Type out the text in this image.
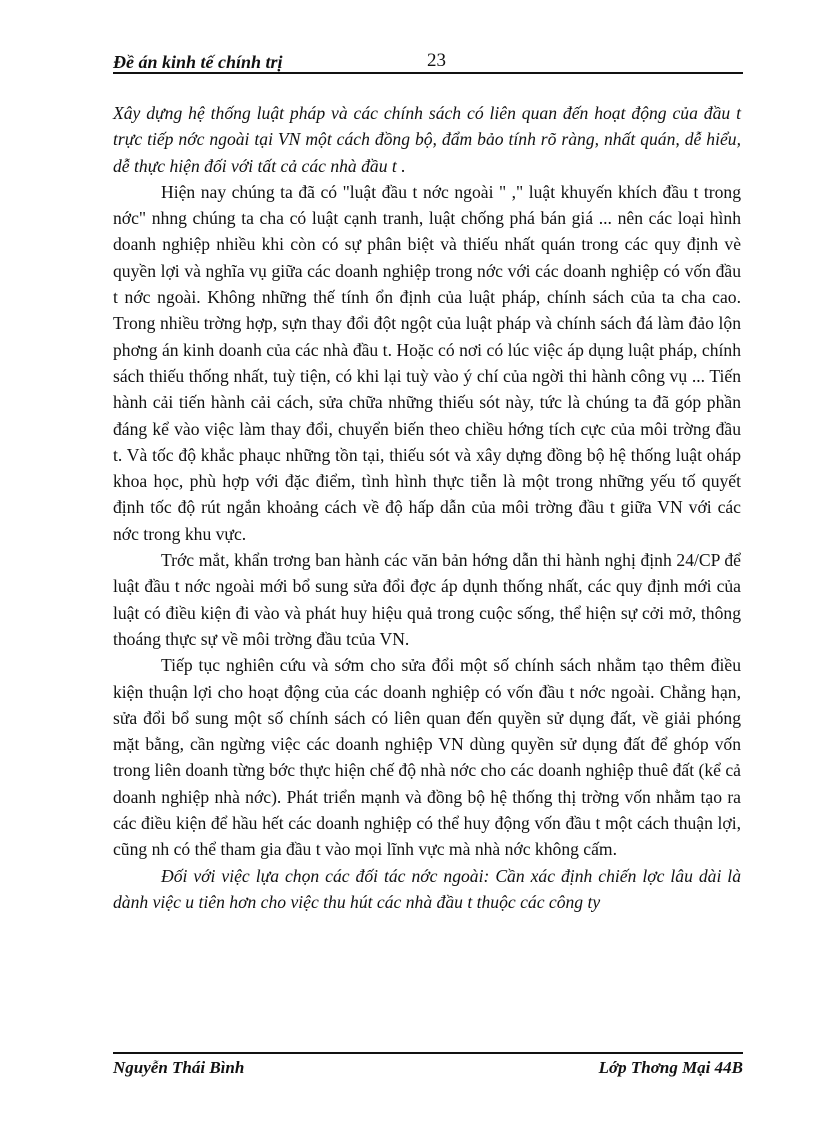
Đề án kinh tế chính trị	23

Xây dựng hệ thống luật pháp và các chính sách có liên quan đến hoạt động của đầu t trực tiếp nớc ngoài tại VN một cách đồng bộ, đẩm bảo tính rõ ràng, nhất quán, dễ hiểu, dễ thực hiện đối với tất cả các nhà đầu t .

Hiện nay chúng ta đã có "luật đầu t nớc ngoài " ," luật khuyến khích đầu t trong nớc" nhng chúng ta cha có luật cạnh tranh, luật chống phá bán giá ... nên các loại hình doanh nghiệp nhiều khi còn có sự phân biệt và thiếu nhất quán trong các quy định vè quyền lợi và nghĩa vụ giữa các doanh nghiệp trong nớc với các doanh nghiệp có vốn đầu t nớc ngoài. Không những thế tính ổn định của luật pháp, chính sách của ta cha cao. Trong nhiều trờng hợp, sựn thay đổi đột ngột của luật pháp và chính sách đá làm đảo lộn phơng án kinh doanh của các nhà đầu t. Hoặc có nơi có lúc việc áp dụng luật pháp, chính sách thiếu thống nhất, tuỳ tiện, có khi lại tuỳ vào ý chí của ngời thi hành công vụ ... Tiến hành cải tiến hành cải cách, sửa chữa những thiếu sót này, tức là chúng ta đã góp phần đáng kể vào việc làm thay đổi, chuyển biến theo chiều hớng tích cực của môi trờng đầu t. Và tốc độ khắc phaục những tồn tại, thiếu sót và xây dựng đồng bộ hệ thống luật oháp khoa học, phù hợp với đặc điểm, tình hình thực tiễn là một trong những yếu tố quyết định tốc độ rút ngắn khoảng cách về độ hấp dẫn của môi trờng đầu t giữa VN với các nớc trong khu vực.

Trớc mắt, khẩn trơng ban hành các văn bản hớng dẫn thi hành nghị định 24/CP để luật đầu t nớc ngoài mới bổ sung sửa đổi đợc áp dụnh thống nhất, các quy định mới của luật có điều kiện đi vào và phát huy hiệu quả trong cuộc sống, thể hiện sự cởi mở, thông thoáng thực sự về môi trờng đầu tcủa VN.

Tiếp tục nghiên cứu và sớm cho sửa đổi một số chính sách nhằm tạo thêm điều kiện thuận lợi cho hoạt động của các doanh nghiệp có vốn đầu t nớc ngoài. Chẳng hạn, sửa đổi bổ sung một số chính sách có liên quan đến quyền sử dụng đất, về giải phóng mặt bằng, cần ngừng việc các doanh nghiệp VN dùng quyền sử dụng đất để ghóp vốn trong liên doanh từng bớc thực hiện chế độ nhà nớc cho các doanh nghiệp thuê đất (kể cả doanh nghiệp nhà nớc). Phát triển mạnh và đồng bộ hệ thống thị trờng vốn nhằm tạo ra các điều kiện để hầu hết các doanh nghiệp có thể huy động vốn đầu t một cách thuận lợi, cũng nh có thể tham gia đầu t vào mọi lĩnh vực mà nhà nớc không cấm.

Đối với việc lựa chọn các đối tác nớc ngoài: Cần xác định chiến lợc lâu dài là dành việc u tiên hơn cho việc thu hút các nhà đầu t thuộc các công ty

Nguyễn Thái Bình	Lớp Thơng Mại 44B
